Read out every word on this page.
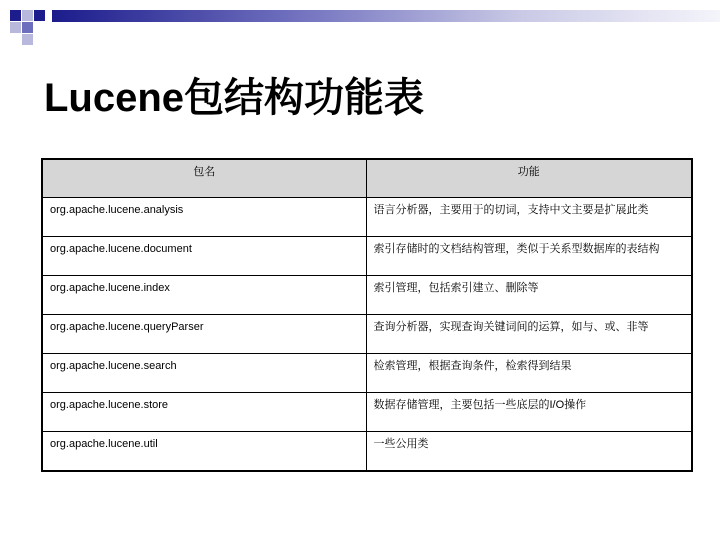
Lucene包结构功能表
包名	功能
org.apache.lucene.analysis	语言分析器，主要用于的切词，支持中文主要是扩展此类
org.apache.lucene.document	索引存储时的文档结构管理，类似于关系型数据库的表结构
org.apache.lucene.index	索引管理，包括索引建立、删除等
org.apache.lucene.queryParser	查询分析器，实现查询关键词间的运算，如与、或、非等
org.apache.lucene.search	检索管理，根据查询条件，检索得到结果
org.apache.lucene.store	数据存储管理，主要包括一些底层的I/O操作
org.apache.lucene.util	一些公用类
